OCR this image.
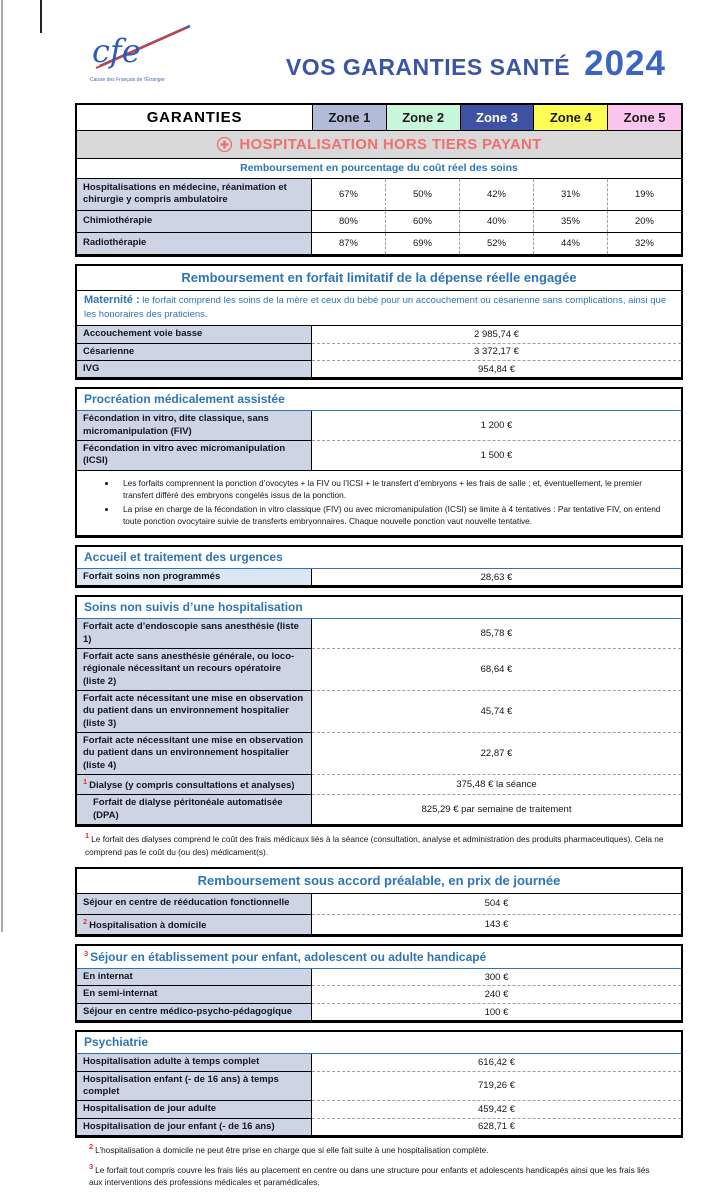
cfe
Caisse des Français de l’Étranger	VOS GARANTIES SANTÉ 2024
GARANTIES	Zone 1	Zone 2	Zone 3	Zone 4	Zone 5
HOSPITALISATION HORS TIERS PAYANT
Remboursement en pourcentage du coût réel des soins
Hospitalisations en médecine, réanimation et chirurgie y compris ambulatoire	67%	50%	42%	31%	19%
Chimiothérapie	80%	60%	40%	35%	20%
Radiothérapie	87%	69%	52%	44%	32%
Remboursement en forfait limitatif de la dépense réelle engagée
Maternité : le forfait comprend les soins de la mère et ceux du bébé pour un accouchement ou césarienne sans complications, ainsi que les honoraires des praticiens.
Accouchement voie basse	2 985,74 €
Césarienne	3 372,17 €
IVG	954,84 €
Procréation médicalement assistée
Fécondation in vitro, dite classique, sans micromanipulation (FIV)	1 200 €
Fécondation in vitro avec micromanipulation (ICSI)	1 500 €
• Les forfaits comprennent la ponction d’ovocytes + la FIV ou l’ICSI + le transfert d’embryons + les frais de salle ; et, éventuellement, le premier transfert différé des embryons congelés issus de la ponction.
• La prise en charge de la fécondation in vitro classique (FIV) ou avec micromanipulation (ICSI) se limite à 4 tentatives : Par tentative FIV, on entend toute ponction ovocytaire suivie de transferts embryonnaires. Chaque nouvelle ponction vaut nouvelle tentative.
Accueil et traitement des urgences
Forfait soins non programmés	28,63 €
Soins non suivis d’une hospitalisation
Forfait acte d’endoscopie sans anesthésie (liste 1)	85,78 €
Forfait acte sans anesthésie générale, ou loco-régionale nécessitant un recours opératoire (liste 2)
68,64 €
Forfait acte nécessitant une mise en observation du patient dans un environnement hospitalier (liste 3)
45,74 €
Forfait acte nécessitant une mise en observation du patient dans un environnement hospitalier (liste 4)
22,87 €
$^1$ Dialyse (y compris consultations et analyses)	375,48 € la séance
Forfait de dialyse péritonéale automatisée (DPA)	825,29 € par semaine de traitement
$^1$ Le forfait des dialyses comprend le coût des frais médicaux liés à la séance (consultation, analyse et administration des produits pharmaceutiques). Cela ne comprend pas le coût du (ou des) médicament(s).
Remboursement sous accord préalable, en prix de journée
Séjour en centre de rééducation fonctionnelle	504 €
$^2$ Hospitalisation à domicile	143 €
$^3$ Séjour en établissement pour enfant, adolescent ou adulte handicapé
En internat	300 €
En semi-internat	240 €
Séjour en centre médico-psycho-pédagogique	100 €
Psychiatrie
Hospitalisation adulte à temps complet	616,42 €
Hospitalisation enfant (- de 16 ans) à temps complet	719,26 €
Hospitalisation de jour adulte	459,42 €
Hospitalisation de jour enfant (- de 16 ans)	628,71 €

$^2$ L’hospitalisation à domicile ne peut être prise en charge que si elle fait suite à une hospitalisation complète.

$^3$ Le forfait tout compris couvre les frais liés au placement en centre ou dans une structure pour enfants et adolescents handicapés ainsi que les frais liés aux interventions des professions médicales et paramédicales.
